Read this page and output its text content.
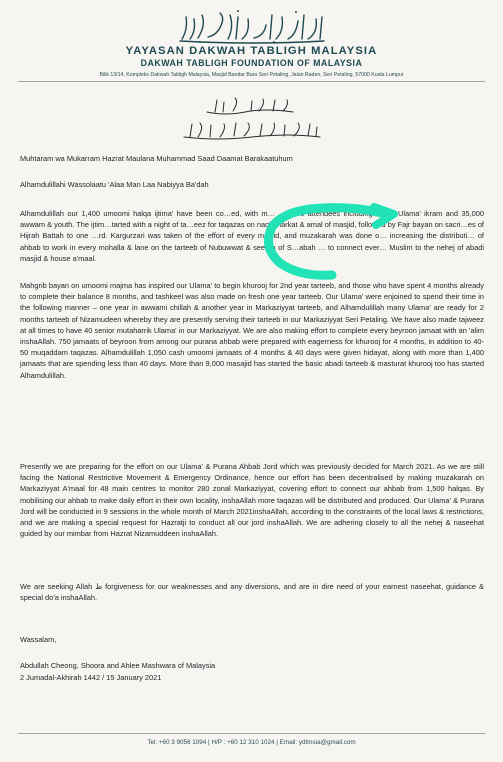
YAYASAN DAKWAH TABLIGH MALAYSIA
DAKWAH TABLIGH FOUNDATION OF MALAYSIA
Bilik 13/14, Kompleks Dakwah Tabligh Malaysia, Masjid Bandar Baru Seri Petaling, Jalan Raden, Seri Petaling, 57000 Kuala Lumpur
Muhtaram wa Mukarram Hazrat Maulana Muhammad Saad Daamat Barakaatuhum
Alhamdulillahi Wassolaatu 'Alaa Man Laa Nabiyya Ba'dah

Alhamdulillah our 1,400 umoomi halqa ijtima' have been co…ed, with m… …0,000 attendees including 3,400 Ulama' ikram and 35,000 awwam & youth. The ijtim…tarted with a night of ta…eez for taqazas on naqlo harkat & amal of masjid, followed by Fajr bayan on sacri…es of Hijrah Battah to one …rd. Kargurzari was taken of the effort of every masjid, and muzakarah was done o… increasing the distributi… of ahbab to work in every mohalla & lane on the tarteeb of Nubuwwat & seerah of S…abah … to connect ever… Muslim to the nehej of abadi masjid & house a'maal.

Mahgrib bayan on umoomi majma has inspired our Ulama' to begin khurooj for 2nd year tarteeb, and those who have spent 4 months already to complete their balance 8 months, and tashkeel was also made on fresh one year tarteeb. Our Ulama' were enjoined to spend their time in the following manner – one year in awwami chillah & another year in Markaziyyat tarteeb, and Alhamdulillah many Ulama' are ready for 2 months tarteeb of Nizamudeen whereby they are presently serving their tarteeb in our Markaziyyat Seri Petaling. We have also made tajweez at all times to have 40 senior mutaharrik Ulama' in our Markaziyyat. We are also making effort to complete every beyroon jamaat with an 'alim inshaAllah. 750 jamaats of beyroon from among our purana ahbab were prepared with eagerness for khurooj for 4 months, in addition to 40-50 muqaddam taqazas. Alhamdulillah 1,050 cash umoomi jamaats of 4 months & 40 days were given hidayat, along with more than 1,400 jamaats that are spending less than 40 days. More than 9,000 masajid has started the basic abadi tarteeb & masturat khurooj too has started Alhamdulillah.

Presently we are preparing for the effort on our Ulama' & Purana Ahbab Jord which was previously decided for March 2021. As we are still facing the National Restrictive Movement & Emergency Ordinance, hence our effort has been decentralised by making muzakarah on Markaziyyat A'maal for 48 main centres to monitor 280 zonal Markaziyyat, covering effort to connect our ahbab from 1,500 halqas. By mobilising our ahbab to make daily effort in their own locality, inshaAllah more taqazas will be distributed and produced. Our Ulama' & Purana Jord will be conducted in 9 sessions in the whole month of March 2021inshaAllah, according to the constraints of the local laws & restrictions, and we are making a special request for Hazratji to conduct all our jord inshaAllah. We are adhering closely to all the nehej & naseehat guided by our mimbar from Hazrat Nizamuddeen inshaAllah.

We are seeking Allah ط forgiveness for our weaknesses and any diversions, and are in dire need of your earnest naseehat, guidance & special do'a inshaAllah.

Wassalam,
Abdullah Cheong, Shoora and Ahlee Mashwara of Malaysia
2 Jumadal-Akhirah 1442 / 15 January 2021
Tel: +60 3 9056 1094 | H/P : +60 12 310 1024 | Email: ydtmsia@gmail.com
